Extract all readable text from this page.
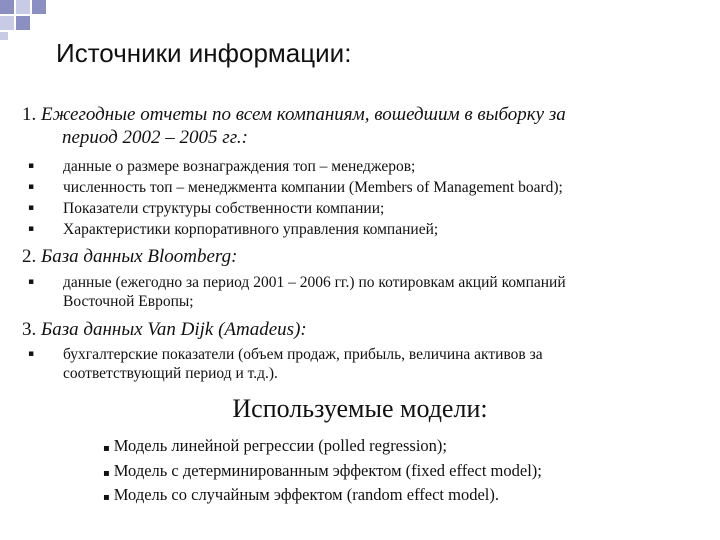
Источники информации:
1. Ежегодные отчеты по всем компаниям, вошедшим в выборку за
период 2002 – 2005 гг.:
▪	данные о размере вознаграждения топ – менеджеров;
▪	численность топ – менеджмента компании (Members of Management board);
▪	Показатели структуры собственности компании;
▪	Характеристики корпоративного управления компанией;
2. База данных Bloomberg:
▪	данные (ежегодно за период 2001 – 2006 гг.) по котировкам акций компаний
Восточной Европы;
3. База данных Van Dijk (Amadeus):
▪	бухгалтерские показатели (объем продаж, прибыль, величина активов за
соответствующий период и т.д.).
Используемые модели:
▪ Модель линейной регрессии (polled regression);
▪ Модель с детерминированным эффектом (fixed effect model);
▪ Модель со случайным эффектом (random effect model).
